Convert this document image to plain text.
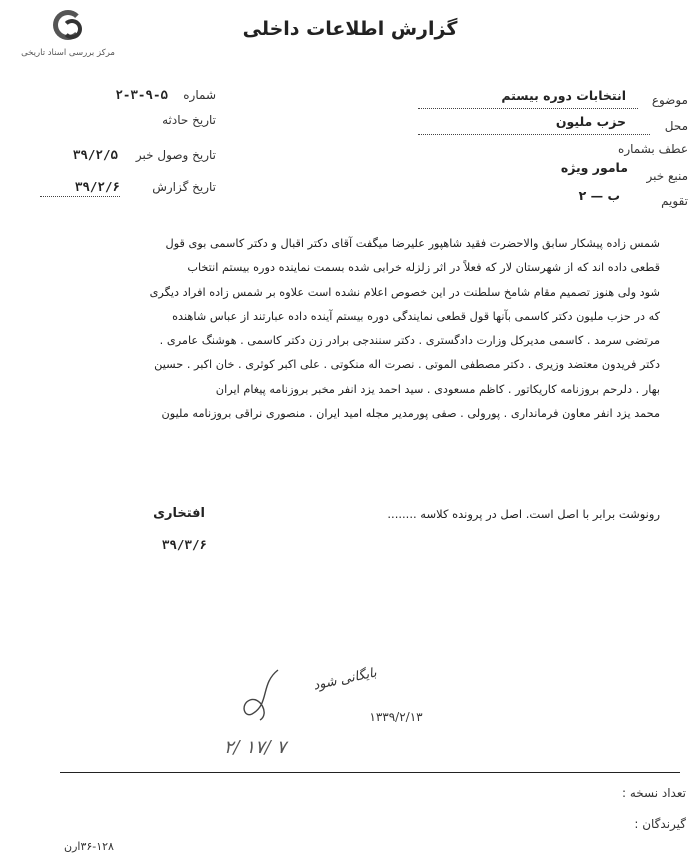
مرکز بررسی اسناد تاریخی
گزارش اطلاعات داخلی
موضوع
انتخابات دوره بیستم
محل
حزب ملیون
عطف بشماره
منبع خبر
مامور ویژه
تقویم
ب — ۲
شماره
۲-۳-۹-۵
تاریخ حادثه
تاریخ وصول خبر
۳۹/۲/۵
تاریخ گزارش
۳۹/۲/۶

شمس زاده پیشکار سابق والاحضرت فقید شاهپور علیرضا میگفت آقای دکتر اقبال و دکتر کاسمی بوی قول

قطعی داده اند که از شهرستان لار که فعلاً در اثر زلزله خرابی شده بسمت نماینده دوره بیستم انتخاب

شود ولی هنوز تصمیم مقام شامخ سلطنت در این خصوص اعلام نشده است علاوه بر شمس زاده افراد دیگری

که در حزب ملیون دکتر کاسمی بآنها قول قطعی نمایندگی دوره بیستم آینده داده عبارتند از عباس شاهنده

مرتضی سرمد . کاسمی مدیرکل وزارت دادگستری . دکتر سنندجی برادر زن دکتر کاسمی . هوشنگ عامری .

دکتر فریدون معتضد وزیری . دکتر مصطفی الموتی . نصرت اله منکوتی . علی اکبر کوثری . خان اکبر . حسین

بهار . دلرحم بروزنامه کاریکاتور . کاظم مسعودی . سید احمد یزد انفر مخبر بروزنامه پیغام ایران

محمد یزد انفر معاون فرمانداری . پورولی . صفی پورمدیر مجله امید ایران . منصوری نراقی بروزنامه ملیون

رونوشت برابر با اصل است. اصل در پرونده کلاسه ........
افتخاری
۳۹/۳/۶
بایگانی شود
۱۳۳۹/۲/۱۳
۲/ ۱۷/ ۷
تعداد نسخه :
گیرندگان :
۳۶-۱۲۸ارن
